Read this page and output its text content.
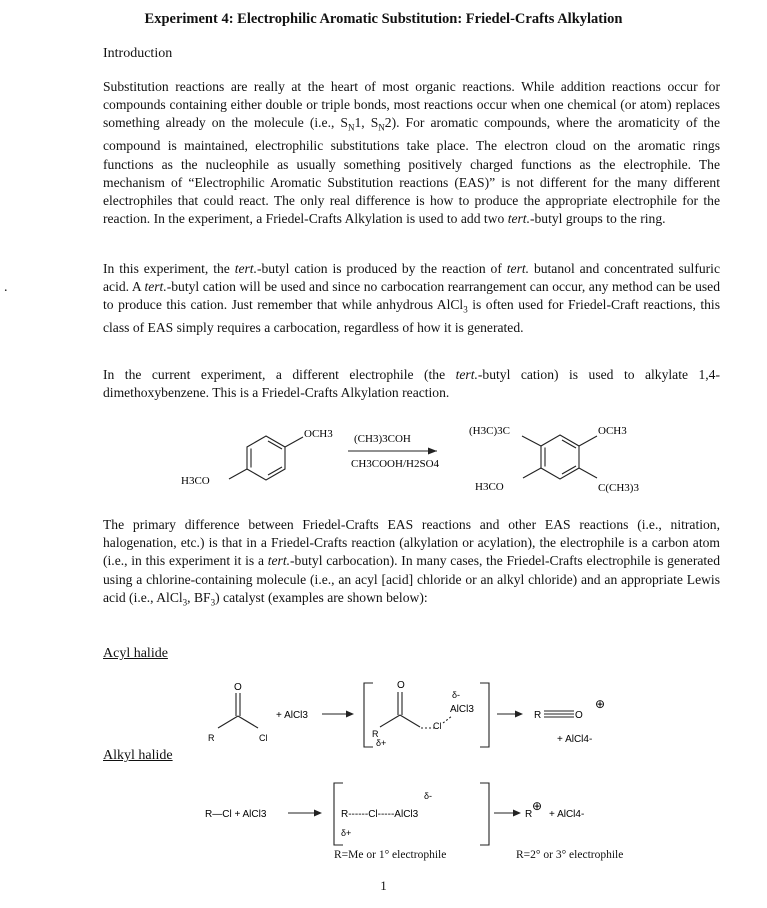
Experiment 4: Electrophilic Aromatic Substitution: Friedel-Crafts Alkylation
Introduction
Substitution reactions are really at the heart of most organic reactions. While addition reactions occur for compounds containing either double or triple bonds, most reactions occur when one chemical (or atom) replaces something already on the molecule (i.e., $S_N1$, $S_N2$). For aromatic compounds, where the aromaticity of the compound is maintained, electrophilic substitutions take place. The electron cloud on the aromatic rings functions as the nucleophile as usually something positively charged functions as the electrophile. The mechanism of “Electrophilic Aromatic Substitution reactions (EAS)” is not different for the many different electrophiles that could react. The only real difference is how to produce the appropriate electrophile for the reaction. In the experiment, a Friedel-Crafts Alkylation is used to add two tert.-butyl groups to the ring.
.
In this experiment, the tert.-butyl cation is produced by the reaction of tert. butanol and concentrated sulfuric acid. A tert.-butyl cation will be used and since no carbocation rearrangement can occur, any method can be used to produce this cation. Just remember that while anhydrous AlCl$_3$ is often used for Friedel-Craft reactions, this class of EAS simply requires a carbocation, regardless of how it is generated.
In the current experiment, a different electrophile (the tert.-butyl cation) is used to alkylate 1,4-dimethoxybenzene. This is a Friedel-Crafts Alkylation reaction.
OCH3
H3CO
(CH3)3COH
CH3COOH/H2SO4
(H3C)3C	OCH3
H3CO	C(CH3)3
The primary difference between Friedel-Crafts EAS reactions and other EAS reactions (i.e., nitration, halogenation, etc.) is that in a Friedel-Crafts reaction (alkylation or acylation), the electrophile is a carbon atom (i.e., in this experiment it is a tert.-butyl carbocation). In many cases, the Friedel-Crafts electrophile is generated using a chlorine-containing molecule (i.e., an acyl [acid] chloride or an alkyl chloride) and an appropriate Lewis acid (i.e., AlCl$_3$, $BF_3$) catalyst (examples are shown below):
Acyl halide
O
R	Cl
+ AlCl3
O
R
δ+
Cl
δ-
AlCl3
R	O
⊕
+ AlCl4-
Alkyl halide
R—Cl + AlCl3
δ-
R------Cl-----AlCl3
δ+
R
⊕
+ AlCl4-
R=Me or 1° electrophile	R=2° or 3° electrophile
1
